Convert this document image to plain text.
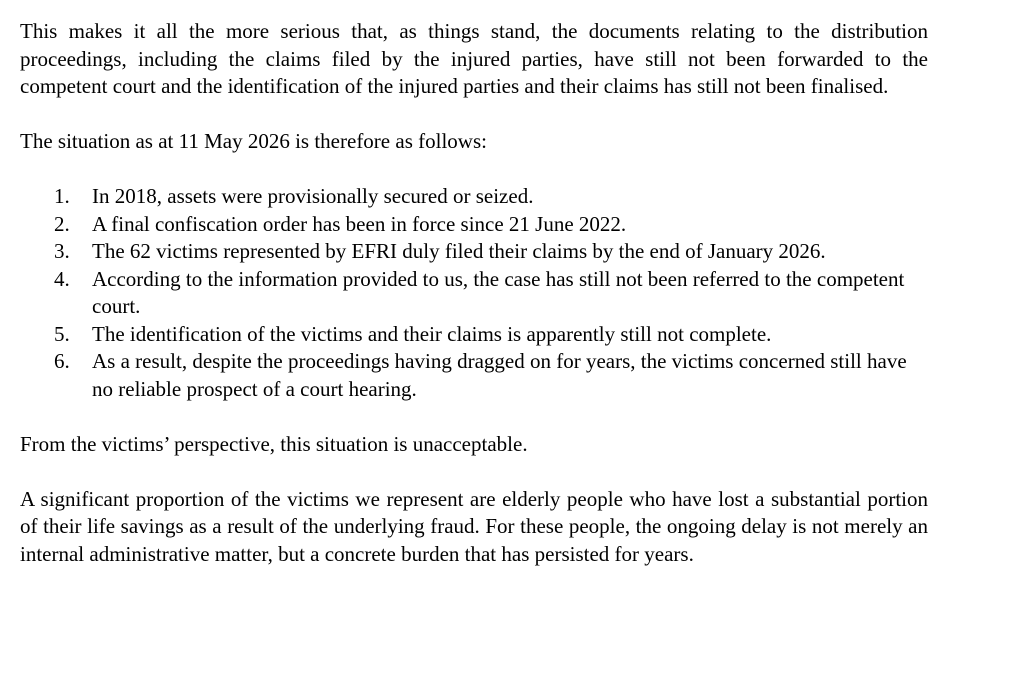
This makes it all the more serious that, as things stand, the documents relating to the distribution proceedings, including the claims filed by the injured parties, have still not been forwarded to the competent court and the identification of the injured parties and their claims has still not been finalised.

The situation as at 11 May 2026 is therefore as follows:

1.	In 2018, assets were provisionally secured or seized.
2.	A final confiscation order has been in force since 21 June 2022.
3.	The 62 victims represented by EFRI duly filed their claims by the end of January 2026.
4.	According to the information provided to us, the case has still not been referred to the competent court.
5.	The identification of the victims and their claims is apparently still not complete.
6.	As a result, despite the proceedings having dragged on for years, the victims concerned still have no reliable prospect of a court hearing.

From the victims’ perspective, this situation is unacceptable.

A significant proportion of the victims we represent are elderly people who have lost a substantial portion of their life savings as a result of the underlying fraud. For these people, the ongoing delay is not merely an internal administrative matter, but a concrete burden that has persisted for years.
